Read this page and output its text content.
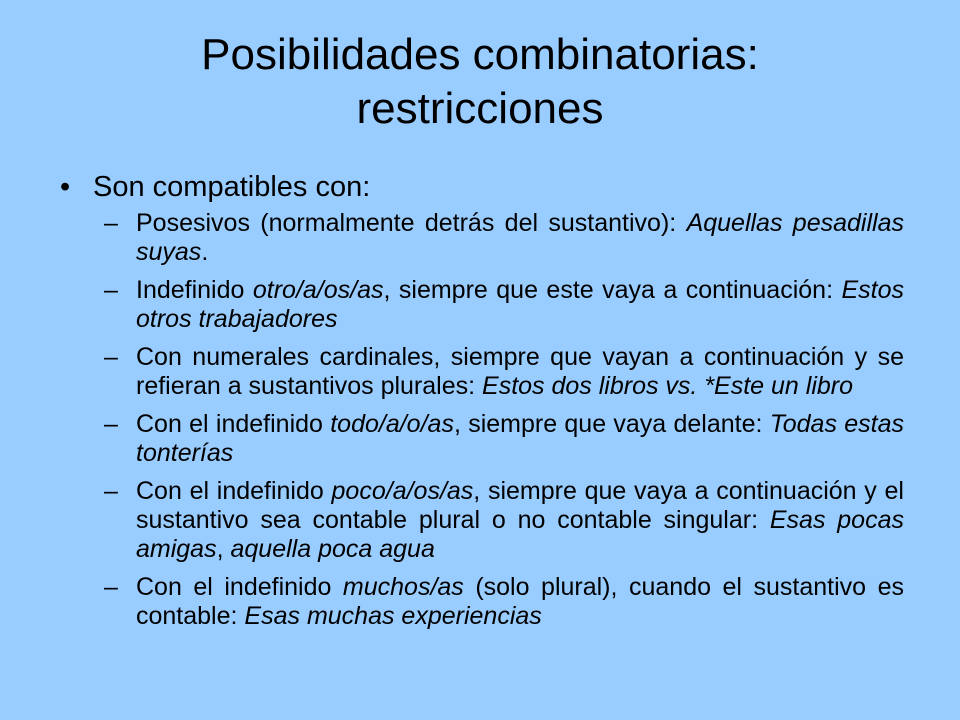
Posibilidades combinatorias:
restricciones
• Son compatibles con:
– Posesivos (normalmente detrás del sustantivo): Aquellas pesadillas suyas.
– Indefinido otro/a/os/as, siempre que este vaya a continuación: Estos otros trabajadores
– Con numerales cardinales, siempre que vayan a continuación y se refieran a sustantivos plurales: Estos dos libros vs. *Este un libro
– Con el indefinido todo/a/o/as, siempre que vaya delante: Todas estas tonterías
– Con el indefinido poco/a/os/as, siempre que vaya a continuación y el sustantivo sea contable plural o no contable singular: Esas pocas amigas, aquella poca agua
– Con el indefinido muchos/as (solo plural), cuando el sustantivo es contable: Esas muchas experiencias
